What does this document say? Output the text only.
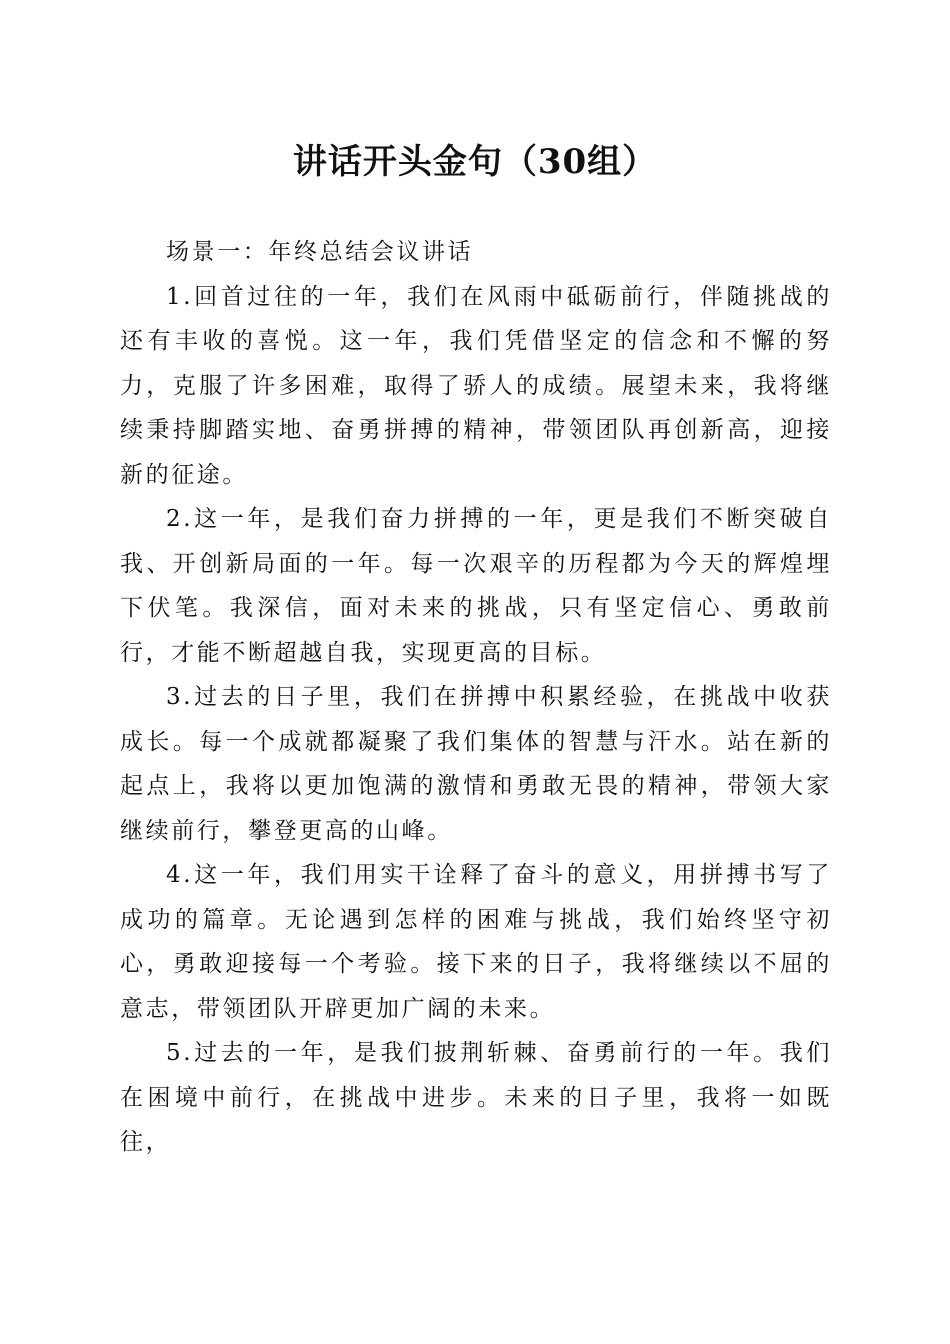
讲话开头金句（30组）

场景一：年终总结会议讲话

1.回首过往的一年，我们在风雨中砥砺前行，伴随挑战的还有丰收的喜悦。这一年，我们凭借坚定的信念和不懈的努力，克服了许多困难，取得了骄人的成绩。展望未来，我将继续秉持脚踏实地、奋勇拼搏的精神，带领团队再创新高，迎接新的征途。

2.这一年，是我们奋力拼搏的一年，更是我们不断突破自我、开创新局面的一年。每一次艰辛的历程都为今天的辉煌埋下伏笔。我深信，面对未来的挑战，只有坚定信心、勇敢前行，才能不断超越自我，实现更高的目标。

3.过去的日子里，我们在拼搏中积累经验，在挑战中收获成长。每一个成就都凝聚了我们集体的智慧与汗水。站在新的起点上，我将以更加饱满的激情和勇敢无畏的精神，带领大家继续前行，攀登更高的山峰。

4.这一年，我们用实干诠释了奋斗的意义，用拼搏书写了成功的篇章。无论遇到怎样的困难与挑战，我们始终坚守初心，勇敢迎接每一个考验。接下来的日子，我将继续以不屈的意志，带领团队开辟更加广阔的未来。

5.过去的一年，是我们披荆斩棘、奋勇前行的一年。我们在困境中前行，在挑战中进步。未来的日子里，我将一如既往，
